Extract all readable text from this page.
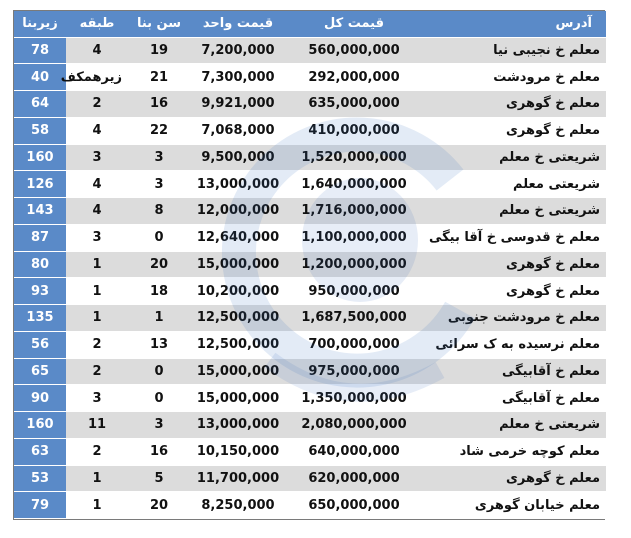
آدرس	قیمت کل	قیمت واحد	سن بنا	طبقه	زیربنا
معلم خ نجیبی نیا	560,000,000	7,200,000	19	4	78
معلم خ مرودشت	292,000,000	7,300,000	21	زیرهمکف	40
معلم خ گوهری	635,000,000	9,921,000	16	2	64
معلم خ گوهری	410,000,000	7,068,000	22	4	58
شریعتی خ معلم	1,520,000,000	9,500,000	3	3	160
شریعتی معلم	1,640,000,000	13,000,000	3	4	126
شریعتی خ معلم	1,716,000,000	12,000,000	8	4	143
معلم خ قدوسی خ آقا بیگی	1,100,000,000	12,640,000	0	3	87
معلم خ گوهری	1,200,000,000	15,000,000	20	1	80
معلم خ گوهری	950,000,000	10,200,000	18	1	93
معلم خ مرودشت جنوبی	1,687,500,000	12,500,000	1	1	135
معلم نرسیده به ک سرائی	700,000,000	12,500,000	13	2	56
معلم خ آقابیگی	975,000,000	15,000,000	0	2	65
معلم خ آقابیگی	1,350,000,000	15,000,000	0	3	90
شریعتی خ معلم	2,080,000,000	13,000,000	3	11	160
معلم کوچه خرمی شاد	640,000,000	10,150,000	16	2	63
معلم خ گوهری	620,000,000	11,700,000	5	1	53
معلم خیابان گوهری	650,000,000	8,250,000	20	1	79
